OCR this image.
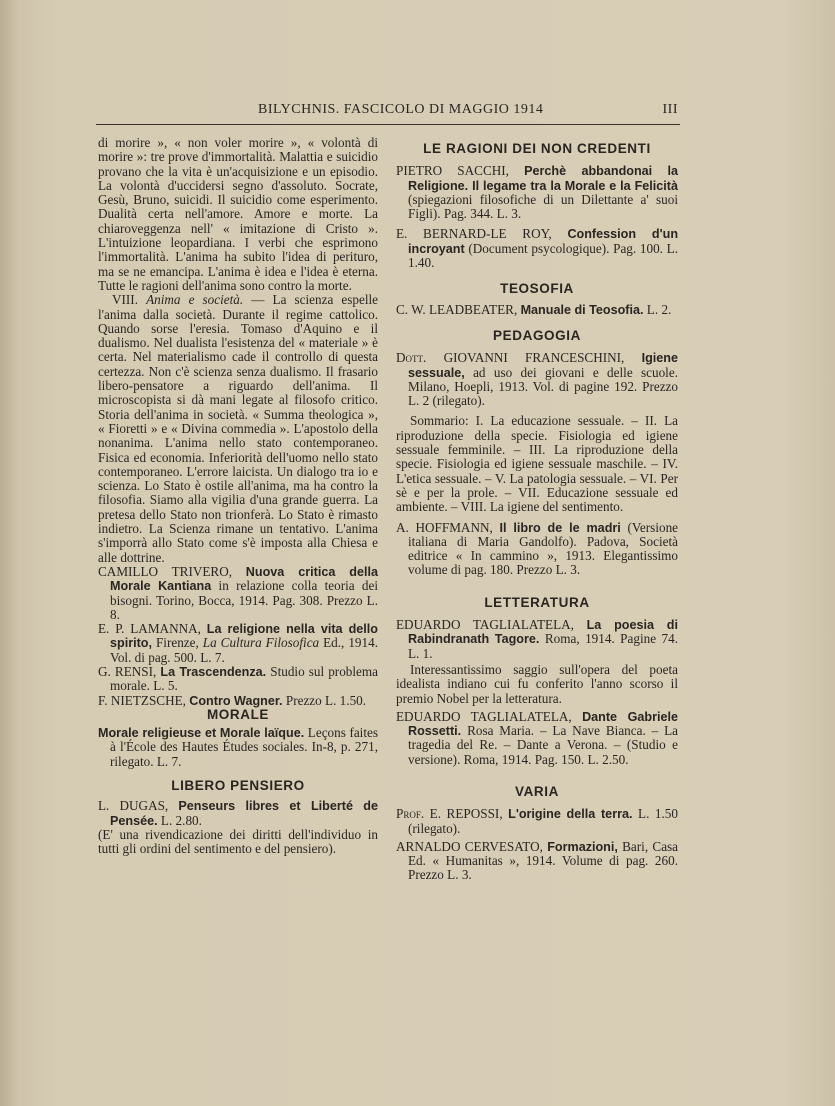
BILYCHNIS. FASCICOLO DI MAGGIO 1914	III

di morire », « non voler morire », « volontà di morire »: tre prove d'immortalità. Malattia e suicidio provano che la vita è un'acquisizione e un episodio. La volontà d'uccidersi segno d'assoluto. Socrate, Gesù, Bruno, suicidi. Il suicidio come esperimento. Dualità certa nell'amore. Amore e morte. La chiaroveggenza nell' « imitazione di Cristo ». L'intuizione leopardiana. I verbi che esprimono l'immortalità. L'anima ha subito l'idea di perituro, ma se ne emancipa. L'anima è idea e l'idea è eterna. Tutte le ragioni dell'anima sono contro la morte.

VIII. Anima e società. — La scienza espelle l'anima dalla società. Durante il regime cattolico. Quando sorse l'eresia. Tomaso d'Aquino e il dualismo. Nel dualista l'esistenza del « materiale » è certa. Nel materialismo cade il controllo di questa certezza. Non c'è scienza senza dualismo. Il frasario libero-pensatore a riguardo dell'anima. Il microscopista si dà mani legate al filosofo critico. Storia dell'anima in società. « Summa theologica », « Fioretti » e « Divina commedia ». L'apostolo della nonanima. L'anima nello stato contemporaneo. Fisica ed economia. Inferiorità dell'uomo nello stato contemporaneo. L'errore laicista. Un dialogo tra io e scienza. Lo Stato è ostile all'anima, ma ha contro la filosofia. Siamo alla vigilia d'una grande guerra. La pretesa dello Stato non trionferà. Lo Stato è rimasto indietro. La Scienza rimane un tentativo. L'anima s'imporrà allo Stato come s'è imposta alla Chiesa e alle dottrine.

CAMILLO TRIVERO, Nuova critica della Morale Kantiana in relazione colla teoria dei bisogni. Torino, Bocca, 1914. Pag. 308. Prezzo L. 8.

E. P. LAMANNA, La religione nella vita dello spirito, Firenze, La Cultura Filosofica Ed., 1914. Vol. di pag. 500. L. 7.

G. RENSI, La Trascendenza. Studio sul problema morale. L. 5.

F. NIETZSCHE, Contro Wagner. Prezzo L. 1.50.

MORALE

Morale religieuse et Morale laïque. Leçons faites à l'École des Hautes Études sociales. In-8, p. 271, rilegato. L. 7.

LIBERO PENSIERO

L. DUGAS, Penseurs libres et Liberté de Pensée. L. 2.80.

(E' una rivendicazione dei diritti dell'individuo in tutti gli ordini del sentimento e del pensiero).

LE RAGIONI DEI NON CREDENTI

PIETRO SACCHI, Perchè abbandonai la Religione. Il legame tra la Morale e la Felicità (spiegazioni filosofiche di un Dilettante a' suoi Figli). Pag. 344. L. 3.

E. BERNARD-LE ROY, Confession d'un incroyant (Document psycologique). Pag. 100. L. 1.40.

TEOSOFIA

C. W. LEADBEATER, Manuale di Teosofia. L. 2.

PEDAGOGIA

Dott. GIOVANNI FRANCESCHINI, Igiene sessuale, ad uso dei giovani e delle scuole. Milano, Hoepli, 1913. Vol. di pagine 192. Prezzo L. 2 (rilegato).

Sommario: I. La educazione sessuale. – II. La riproduzione della specie. Fisiologia ed igiene sessuale femminile. – III. La riproduzione della specie. Fisiologia ed igiene sessuale maschile. – IV. L'etica sessuale. – V. La patologia sessuale. – VI. Per sè e per la prole. – VII. Educazione sessuale ed ambiente. – VIII. La igiene del sentimento.

A. HOFFMANN, Il libro de le madri (Versione italiana di Maria Gandolfo). Padova, Società editrice « In cammino », 1913. Elegantissimo volume di pag. 180. Prezzo L. 3.

LETTERATURA

EDUARDO TAGLIALATELA, La poesia di Rabindranath Tagore. Roma, 1914. Pagine 74. L. 1.

Interessantissimo saggio sull'opera del poeta idealista indiano cui fu conferito l'anno scorso il premio Nobel per la letteratura.

EDUARDO TAGLIALATELA, Dante Gabriele Rossetti. Rosa Maria. – La Nave Bianca. – La tragedia del Re. – Dante a Verona. – (Studio e versione). Roma, 1914. Pag. 150. L. 2.50.

VARIA

Prof. E. REPOSSI, L'origine della terra. L. 1.50 (rilegato).

ARNALDO CERVESATO, Formazioni, Bari, Casa Ed. « Humanitas », 1914. Volume di pag. 260. Prezzo L. 3.
